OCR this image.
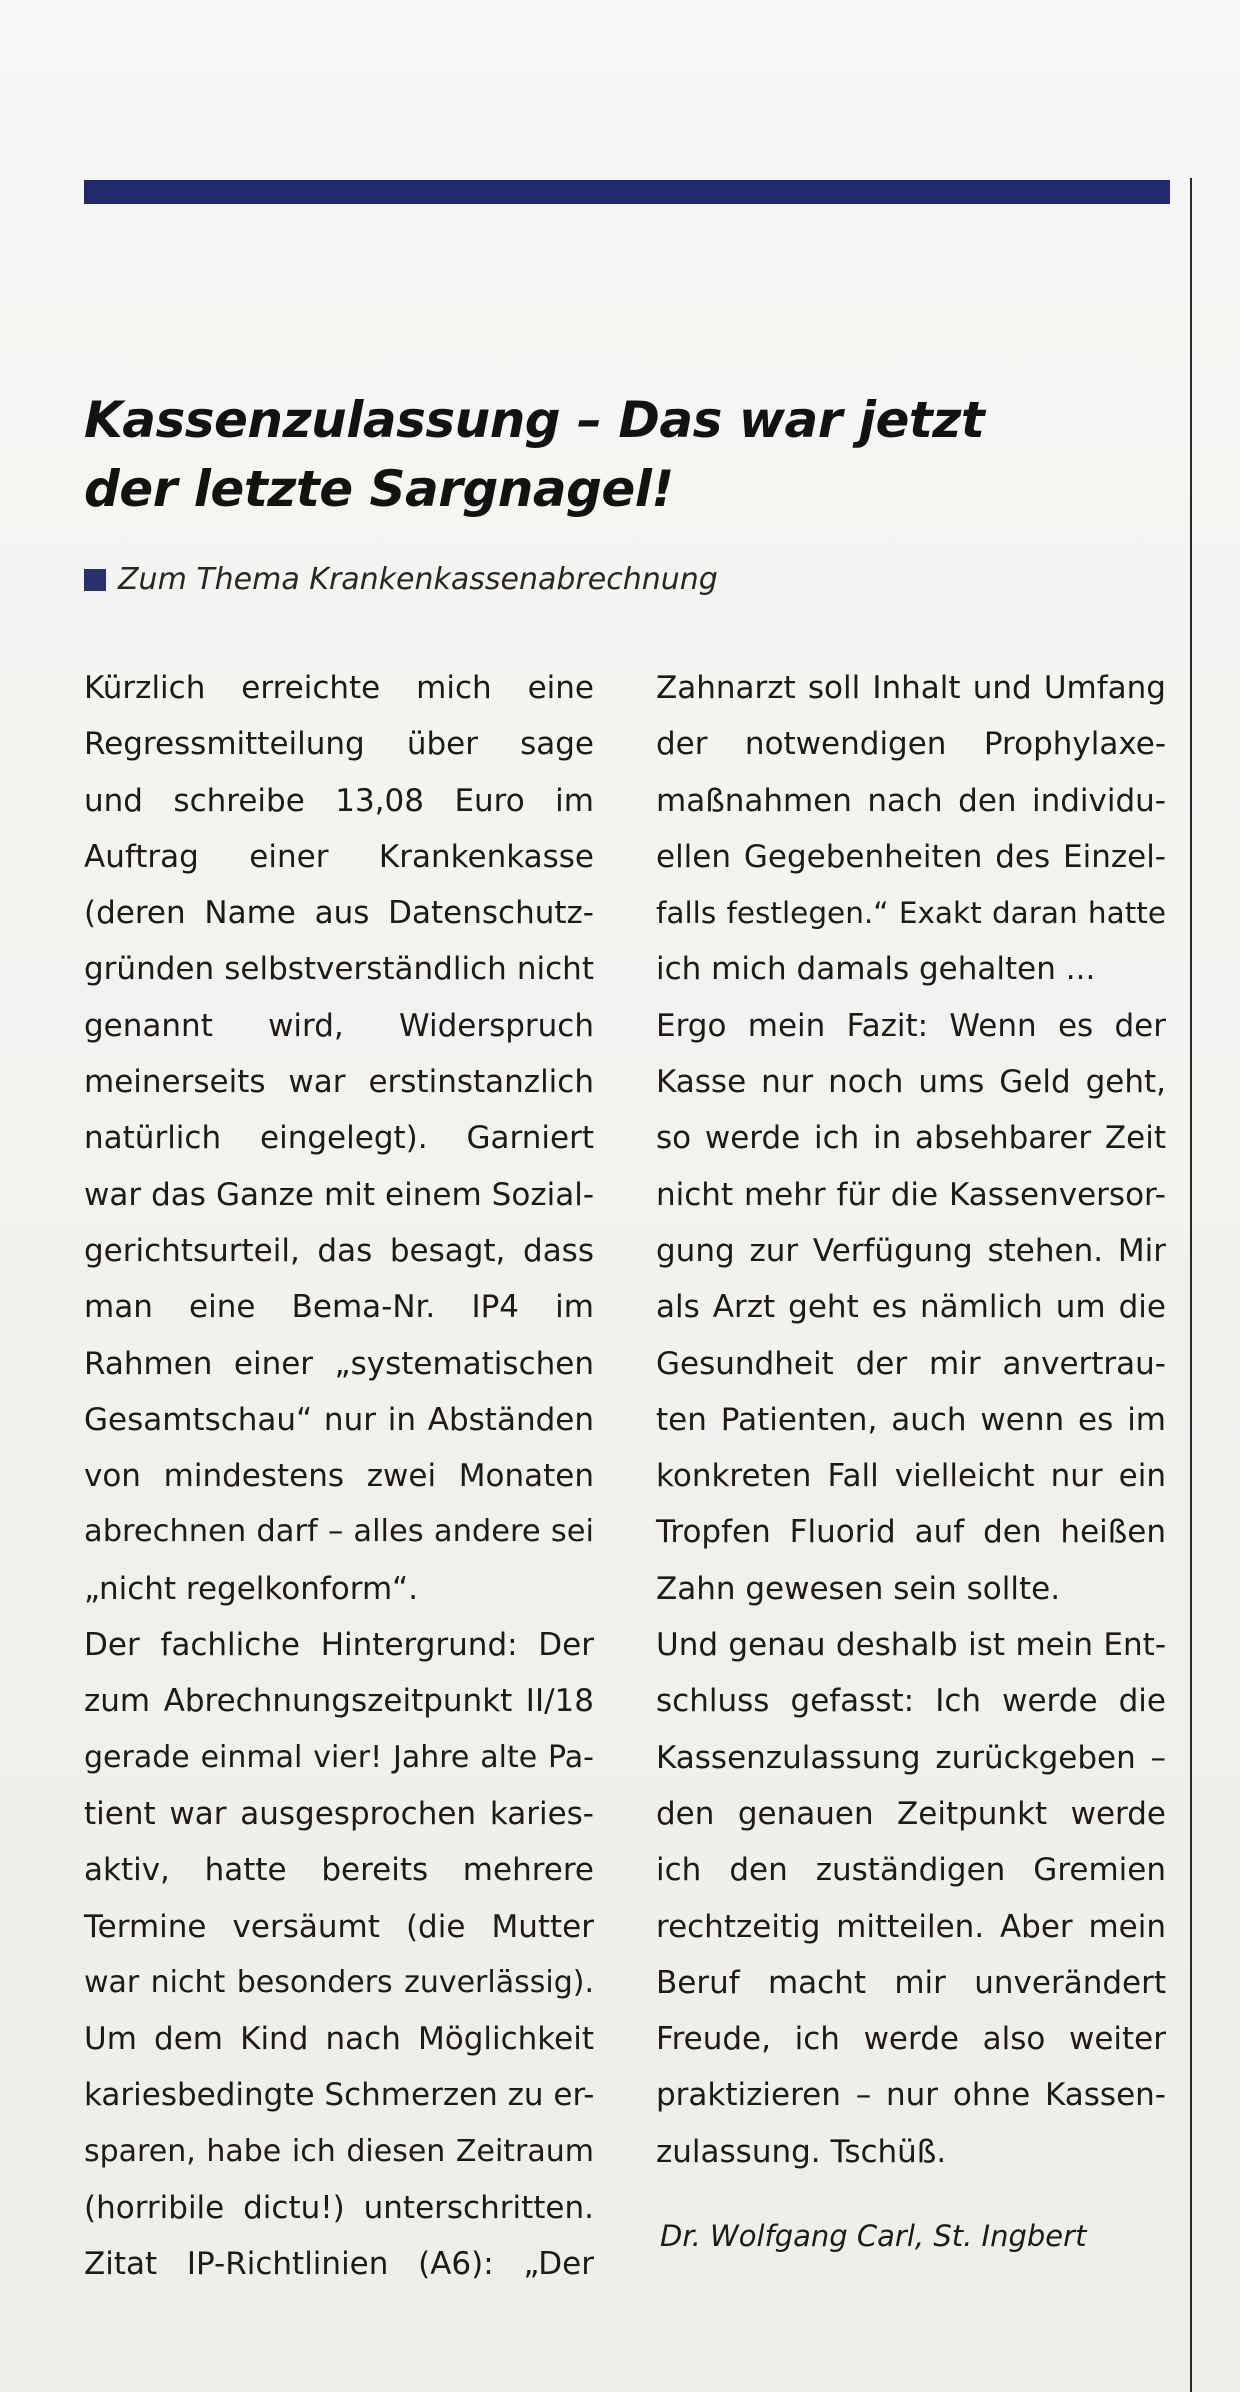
Kassenzulassung – Das war jetzt
der letzte Sargnagel!
Zum Thema Krankenkassenabrechnung
Kürzlich erreichte mich eine
Regressmitteilung über sage
und schreibe 13,08 Euro im
Auftrag einer Krankenkasse
(deren Name aus Datenschutz-
gründen selbstverständlich nicht
genannt wird, Widerspruch
meinerseits war erstinstanzlich
natürlich eingelegt). Garniert
war das Ganze mit einem Sozial-
gerichtsurteil, das besagt, dass
man eine Bema-Nr. IP4 im
Rahmen einer „systematischen
Gesamtschau“ nur in Abständen
von mindestens zwei Monaten
abrechnen darf – alles andere sei
„nicht regelkonform“.
Der fachliche Hintergrund: Der
zum Abrechnungszeitpunkt II/18
gerade einmal vier! Jahre alte Pa-
tient war ausgesprochen karies-
aktiv, hatte bereits mehrere
Termine versäumt (die Mutter
war nicht besonders zuverlässig).
Um dem Kind nach Möglichkeit
kariesbedingte Schmerzen zu er-
sparen, habe ich diesen Zeitraum
(horribile dictu!) unterschritten.
Zitat IP-Richtlinien (A6): „Der
Zahnarzt soll Inhalt und Umfang
der notwendigen Prophylaxe-
maßnahmen nach den individu-
ellen Gegebenheiten des Einzel-
falls festlegen.“ Exakt daran hatte
ich mich damals gehalten ...
Ergo mein Fazit: Wenn es der
Kasse nur noch ums Geld geht,
so werde ich in absehbarer Zeit
nicht mehr für die Kassenversor-
gung zur Verfügung stehen. Mir
als Arzt geht es nämlich um die
Gesundheit der mir anvertrau-
ten Patienten, auch wenn es im
konkreten Fall vielleicht nur ein
Tropfen Fluorid auf den heißen
Zahn gewesen sein sollte.
Und genau deshalb ist mein Ent-
schluss gefasst: Ich werde die
Kassenzulassung zurückgeben –
den genauen Zeitpunkt werde
ich den zuständigen Gremien
rechtzeitig mitteilen. Aber mein
Beruf macht mir unverändert
Freude, ich werde also weiter
praktizieren – nur ohne Kassen-
zulassung. Tschüß.
Dr. Wolfgang Carl, St. Ingbert
